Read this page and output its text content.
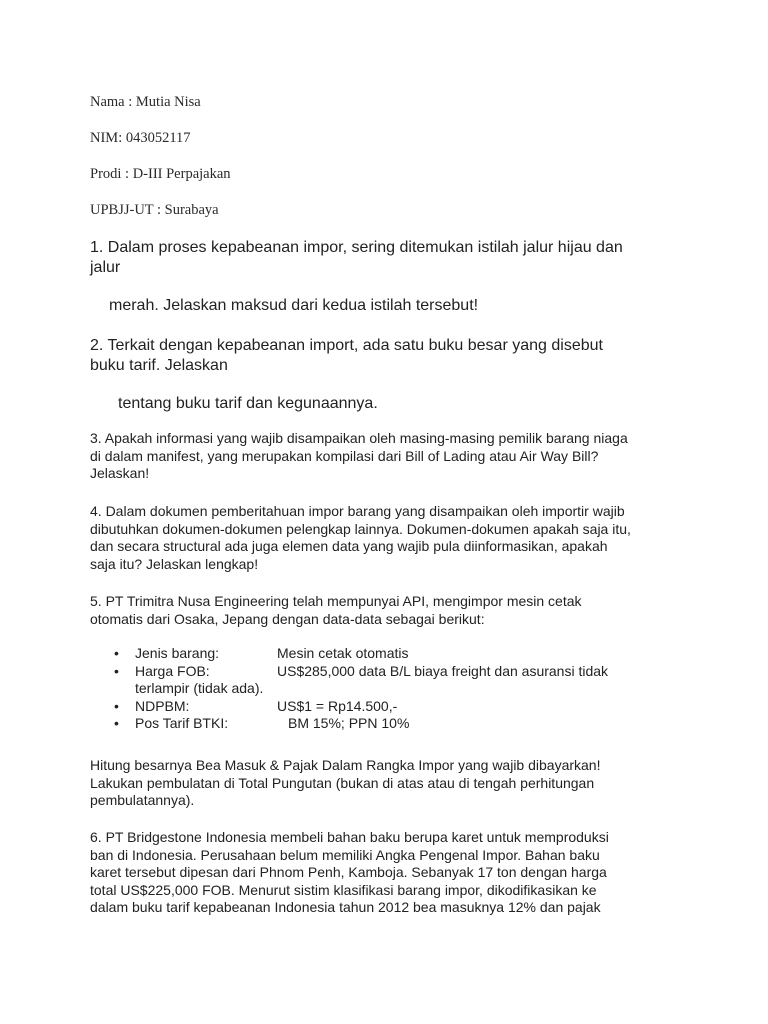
Nama : Mutia Nisa
NIM: 043052117
Prodi : D-III Perpajakan
UPBJJ-UT : Surabaya
1. Dalam proses kepabeanan impor, sering ditemukan istilah jalur hijau dan
jalur
merah. Jelaskan maksud dari kedua istilah tersebut!
2. Terkait dengan kepabeanan import, ada satu buku besar yang disebut
buku tarif. Jelaskan
tentang buku tarif dan kegunaannya.
3. Apakah informasi yang wajib disampaikan oleh masing-masing pemilik barang niaga
di dalam manifest, yang merupakan kompilasi dari Bill of Lading atau Air Way Bill?
Jelaskan!
4. Dalam dokumen pemberitahuan impor barang yang disampaikan oleh importir wajib
dibutuhkan dokumen-dokumen pelengkap lainnya. Dokumen-dokumen apakah saja itu,
dan secara structural ada juga elemen data yang wajib pula diinformasikan, apakah
saja itu? Jelaskan lengkap!
5. PT Trimitra Nusa Engineering telah mempunyai API, mengimpor mesin cetak
otomatis dari Osaka, Jepang dengan data-data sebagai berikut:
• Jenis barang:	Mesin cetak otomatis
• Harga FOB:	US$285,000 data B/L biaya freight dan asuransi tidak
terlampir (tidak ada).
• NDPBM:	US$1 = Rp14.500,-
• Pos Tarif BTKI:	BM 15%; PPN 10%
Hitung besarnya Bea Masuk & Pajak Dalam Rangka Impor yang wajib dibayarkan!
Lakukan pembulatan di Total Pungutan (bukan di atas atau di tengah perhitungan
pembulatannya).
6. PT Bridgestone Indonesia membeli bahan baku berupa karet untuk memproduksi
ban di Indonesia. Perusahaan belum memiliki Angka Pengenal Impor. Bahan baku
karet tersebut dipesan dari Phnom Penh, Kamboja. Sebanyak 17 ton dengan harga
total US$225,000 FOB. Menurut sistim klasifikasi barang impor, dikodifikasikan ke
dalam buku tarif kepabeanan Indonesia tahun 2012 bea masuknya 12% dan pajak
